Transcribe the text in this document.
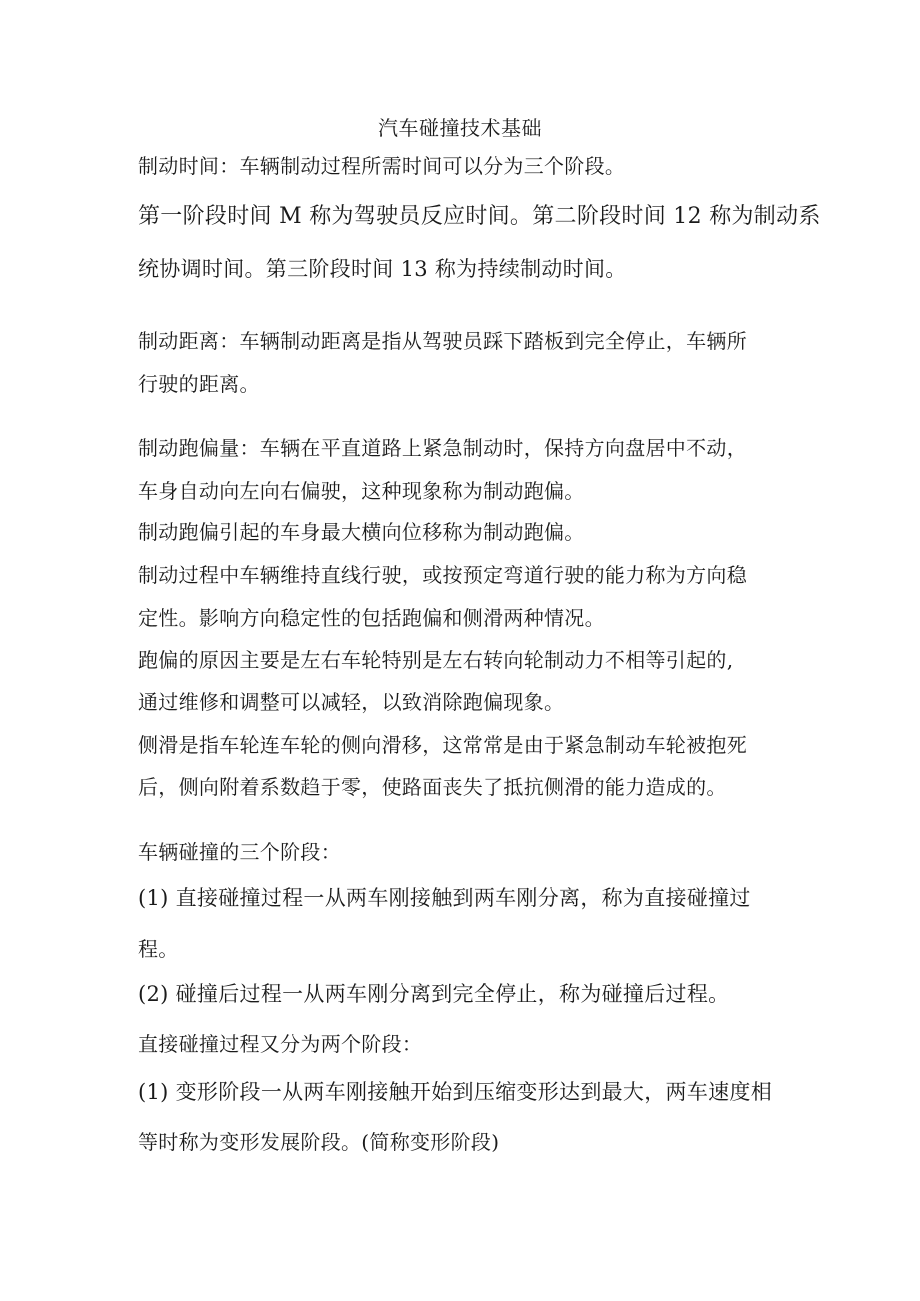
汽车碰撞技术基础
制动时间：车辆制动过程所需时间可以分为三个阶段。
第一阶段时间 M 称为驾驶员反应时间。第二阶段时间 12 称为制动系
统协调时间。第三阶段时间 13 称为持续制动时间。
制动距离：车辆制动距离是指从驾驶员踩下踏板到完全停止，车辆所
行驶的距离。
制动跑偏量：车辆在平直道路上紧急制动时，保持方向盘居中不动，
车身自动向左向右偏驶，这种现象称为制动跑偏。
制动跑偏引起的车身最大横向位移称为制动跑偏。
制动过程中车辆维持直线行驶，或按预定弯道行驶的能力称为方向稳
定性。影响方向稳定性的包括跑偏和侧滑两种情况。
跑偏的原因主要是左右车轮特别是左右转向轮制动力不相等引起的,
通过维修和调整可以减轻，以致消除跑偏现象。
侧滑是指车轮连车轮的侧向滑移，这常常是由于紧急制动车轮被抱死
后，侧向附着系数趋于零，使路面丧失了抵抗侧滑的能力造成的。
车辆碰撞的三个阶段：
(1) 直接碰撞过程一从两车刚接触到两车刚分离，称为直接碰撞过
程。
(2) 碰撞后过程一从两车刚分离到完全停止，称为碰撞后过程。
直接碰撞过程又分为两个阶段：
(1) 变形阶段一从两车刚接触开始到压缩变形达到最大，两车速度相
等时称为变形发展阶段。(简称变形阶段)
